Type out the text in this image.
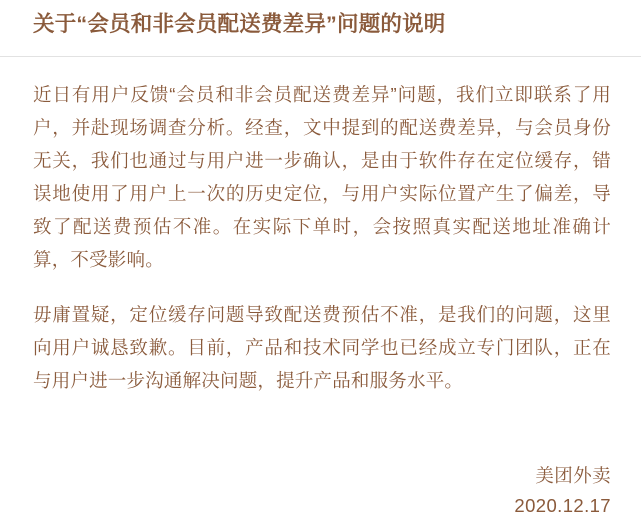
关于“会员和非会员配送费差异”问题的说明

近日有用户反馈“会员和非会员配送费差异”问题，我们立即联系了用户，并赴现场调查分析。经查，文中提到的配送费差异，与会员身份无关，我们也通过与用户进一步确认，是由于软件存在定位缓存，错误地使用了用户上一次的历史定位，与用户实际位置产生了偏差，导致了配送费预估不准。在实际下单时，会按照真实配送地址准确计算，不受影响。

毋庸置疑，定位缓存问题导致配送费预估不准，是我们的问题，这里向用户诚恳致歉。目前，产品和技术同学也已经成立专门团队，正在与用户进一步沟通解决问题，提升产品和服务水平。

美团外卖
2020.12.17
